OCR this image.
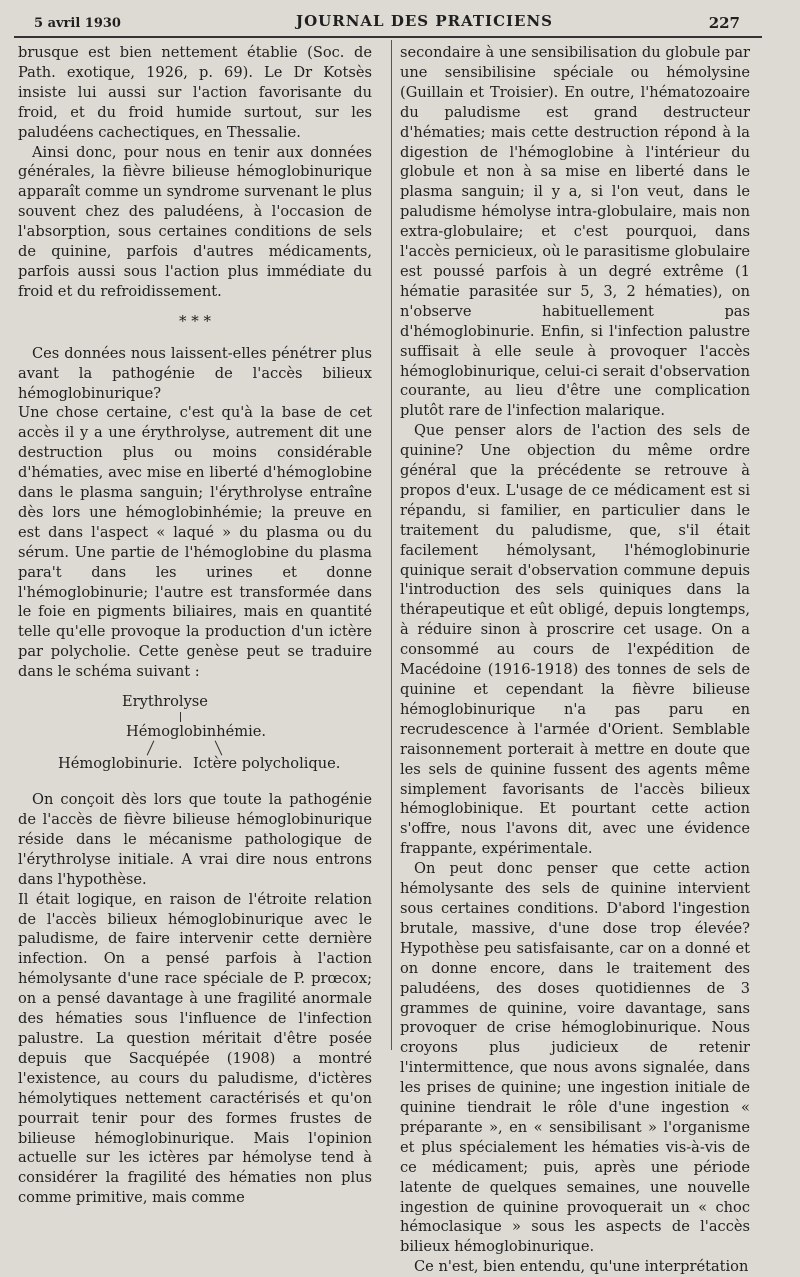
5 avril 1930	JOURNAL DES PRATICIENS	227

brusque est bien nettement établie (Soc. de Path. exotique, 1926, p. 69). Le Dr Kotsès insiste lui aussi sur l'action favorisante du froid, et du froid humide surtout, sur les paludéens cachectiques, en Thessalie.

Ainsi donc, pour nous en tenir aux données générales, la fièvre bilieuse hémoglobinurique apparaît comme un syndrome survenant le plus souvent chez des paludéens, à l'occasion de l'absorption, sous certaines conditions de sels de quinine, parfois d'autres médicaments, parfois aussi sous l'action plus immédiate du froid et du refroidissement.

* * *

Ces données nous laissent-elles pénétrer plus avant la pathogénie de l'accès bilieux hémoglobinurique?

Une chose certaine, c'est qu'à la base de cet accès il y a une érythrolyse, autrement dit une destruction plus ou moins considérable d'hématies, avec mise en liberté d'hémoglobine dans le plasma sanguin; l'érythrolyse entraîne dès lors une hémoglobinhémie; la preuve en est dans l'aspect « laqué » du plasma ou du sérum. Une partie de l'hémoglobine du plasma para't dans les urines et donne l'hémoglobinurie; l'autre est transformée dans le foie en pigments biliaires, mais en quantité telle qu'elle provoque la production d'un ictère par polycholie. Cette genèse peut se traduire dans le schéma suivant :

Erythrolyse
Hémoglobinhémie.
Hémoglobinurie. Ictère polycholique.

On conçoit dès lors que toute la pathogénie de l'accès de fièvre bilieuse hémoglobinurique réside dans le mécanisme pathologique de l'érythrolyse initiale. A vrai dire nous entrons dans l'hypothèse.

Il était logique, en raison de l'étroite relation de l'accès bilieux hémoglobinurique avec le paludisme, de faire intervenir cette dernière infection. On a pensé parfois à l'action hémolysante d'une race spéciale de P. prœcox; on a pensé davantage à une fragilité anormale des hématies sous l'influence de l'infection palustre. La question méritait d'être posée depuis que Sacquépée (1908) a montré l'existence, au cours du paludisme, d'ictères hémolytiques nettement caractérisés et qu'on pourrait tenir pour des formes frustes de bilieuse hémoglobinurique. Mais l'opinion actuelle sur les ictères par hémolyse tend à considérer la fragilité des hématies non plus comme primitive, mais comme

secondaire à une sensibilisation du globule par une sensibilisine spéciale ou hémolysine (Guillain et Troisier). En outre, l'hématozoaire du paludisme est grand destructeur d'hématies; mais cette destruction répond à la digestion de l'hémoglobine à l'intérieur du globule et non à sa mise en liberté dans le plasma sanguin; il y a, si l'on veut, dans le paludisme hémolyse intra-globulaire, mais non extra-globulaire; et c'est pourquoi, dans l'accès pernicieux, où le parasitisme globulaire est poussé parfois à un degré extrême (1 hématie parasitée sur 5, 3, 2 hématies), on n'observe habituellement pas d'hémoglobinurie. Enfin, si l'infection palustre suffisait à elle seule à provoquer l'accès hémoglobinurique, celui-ci serait d'observation courante, au lieu d'être une complication plutôt rare de l'infection malarique.

Que penser alors de l'action des sels de quinine? Une objection du même ordre général que la précédente se retrouve à propos d'eux. L'usage de ce médicament est si répandu, si familier, en particulier dans le traitement du paludisme, que, s'il était facilement hémolysant, l'hémoglobinurie quinique serait d'observation commune depuis l'introduction des sels quiniques dans la thérapeutique et eût obligé, depuis longtemps, à réduire sinon à proscrire cet usage. On a consommé au cours de l'expédition de Macédoine (1916-1918) des tonnes de sels de quinine et cependant la fièvre bilieuse hémoglobinurique n'a pas paru en recrudescence à l'armée d'Orient. Semblable raisonnement porterait à mettre en doute que les sels de quinine fussent des agents même simplement favorisants de l'accès bilieux hémoglobinique. Et pourtant cette action s'offre, nous l'avons dit, avec une évidence frappante, expérimentale.

On peut donc penser que cette action hémolysante des sels de quinine intervient sous certaines conditions. D'abord l'ingestion brutale, massive, d'une dose trop élevée? Hypothèse peu satisfaisante, car on a donné et on donne encore, dans le traitement des paludéens, des doses quotidiennes de 3 grammes de quinine, voire davantage, sans provoquer de crise hémoglobinurique. Nous croyons plus judicieux de retenir l'intermittence, que nous avons signalée, dans les prises de quinine; une ingestion initiale de quinine tiendrait le rôle d'une ingestion « préparante », en « sensibilisant » l'organisme et plus spécialement les hématies vis-à-vis de ce médicament; puis, après une période latente de quelques semaines, une nouvelle ingestion de quinine provoquerait un « choc hémoclasique » sous les aspects de l'accès bilieux hémoglobinurique.

Ce n'est, bien entendu, qu'une interprétation
